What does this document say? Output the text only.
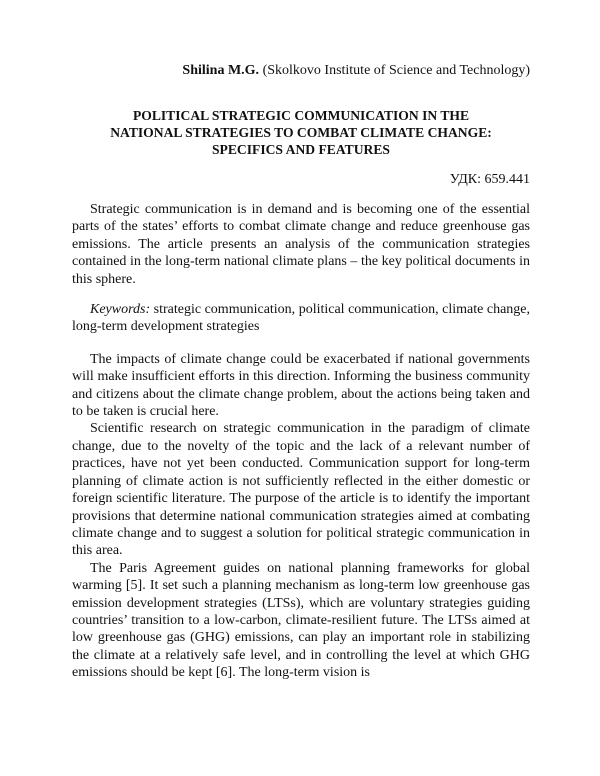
Shilina M.G. (Skolkovo Institute of Science and Technology)

POLITICAL STRATEGIC COMMUNICATION IN THE
NATIONAL STRATEGIES TO COMBAT CLIMATE CHANGE:
SPECIFICS AND FEATURES

УДК: 659.441

Strategic communication is in demand and is becoming one of the essential parts of the states’ efforts to combat climate change and reduce greenhouse gas emissions. The article presents an analysis of the communication strategies contained in the long-term national climate plans – the key political documents in this sphere.

Keywords: strategic communication, political communication, climate change, long-term development strategies

The impacts of climate change could be exacerbated if national governments will make insufficient efforts in this direction. Informing the business community and citizens about the climate change problem, about the actions being taken and to be taken is crucial here.

Scientific research on strategic communication in the paradigm of climate change, due to the novelty of the topic and the lack of a relevant number of practices, have not yet been conducted. Communication support for long-term planning of climate action is not sufficiently reflected in the either domestic or foreign scientific literature. The purpose of the article is to identify the important provisions that determine national communication strategies aimed at combating climate change and to suggest a solution for political strategic communication in this area.

The Paris Agreement guides on national planning frameworks for global warming [5]. It set such a planning mechanism as long-term low greenhouse gas emission development strategies (LTSs), which are voluntary strategies guiding countries’ transition to a low-carbon, climate-resilient future. The LTSs aimed at low greenhouse gas (GHG) emissions, can play an important role in stabilizing the climate at a relatively safe level, and in controlling the level at which GHG emissions should be kept [6]. The long-term vision is
